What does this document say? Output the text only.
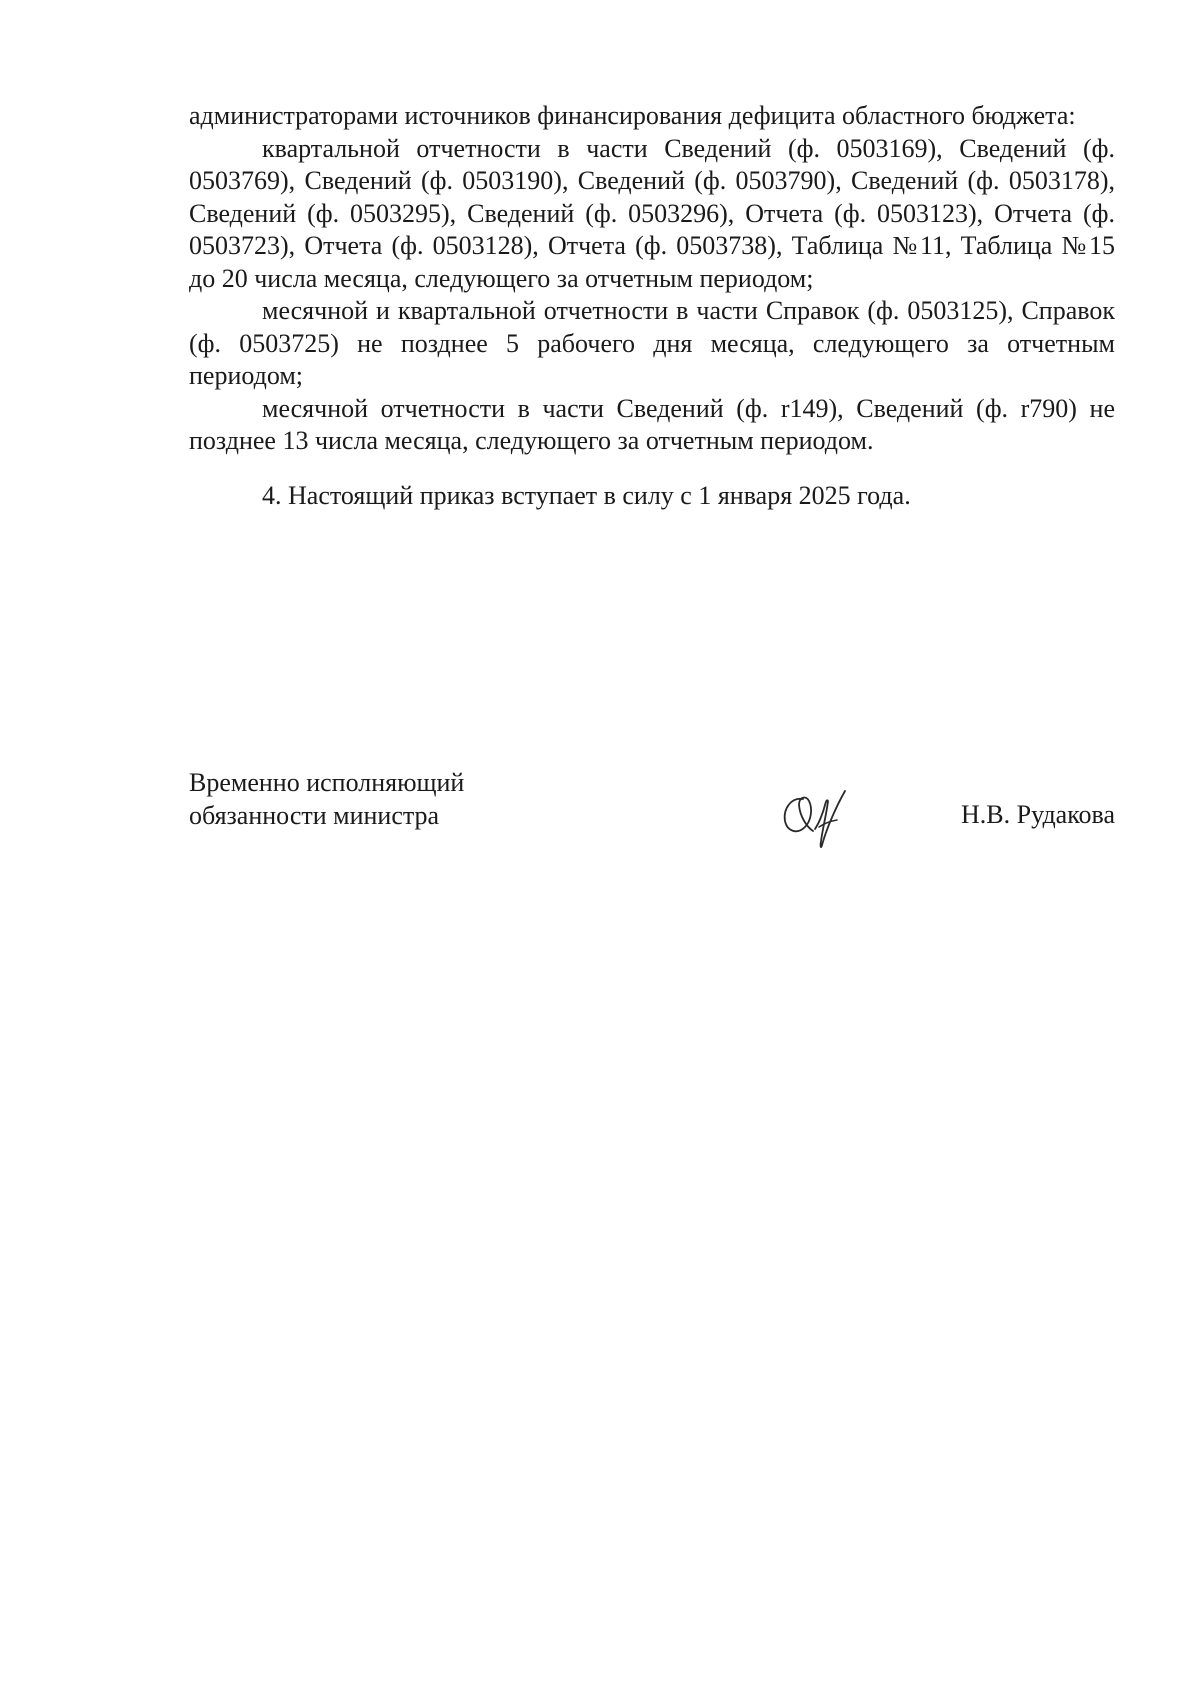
администраторами источников финансирования дефицита областного бюджета:

квартальной отчетности в части Сведений (ф. 0503169), Сведений (ф. 0503769), Сведений (ф. 0503190), Сведений (ф. 0503790), Сведений (ф. 0503178), Сведений (ф. 0503295), Сведений (ф. 0503296), Отчета (ф. 0503123), Отчета (ф. 0503723), Отчета (ф. 0503128), Отчета (ф. 0503738), Таблица №11, Таблица №15 до 20 числа месяца, следующего за отчетным периодом;

месячной и квартальной отчетности в части Справок (ф. 0503125), Справок (ф. 0503725) не позднее 5 рабочего дня месяца, следующего за отчетным периодом;

месячной отчетности в части Сведений (ф. r149), Сведений (ф. r790) не позднее 13 числа месяца, следующего за отчетным периодом.

4. Настоящий приказ вступает в силу с 1 января 2025 года.

Временно исполняющий
обязанности министра	Н.В. Рудакова
